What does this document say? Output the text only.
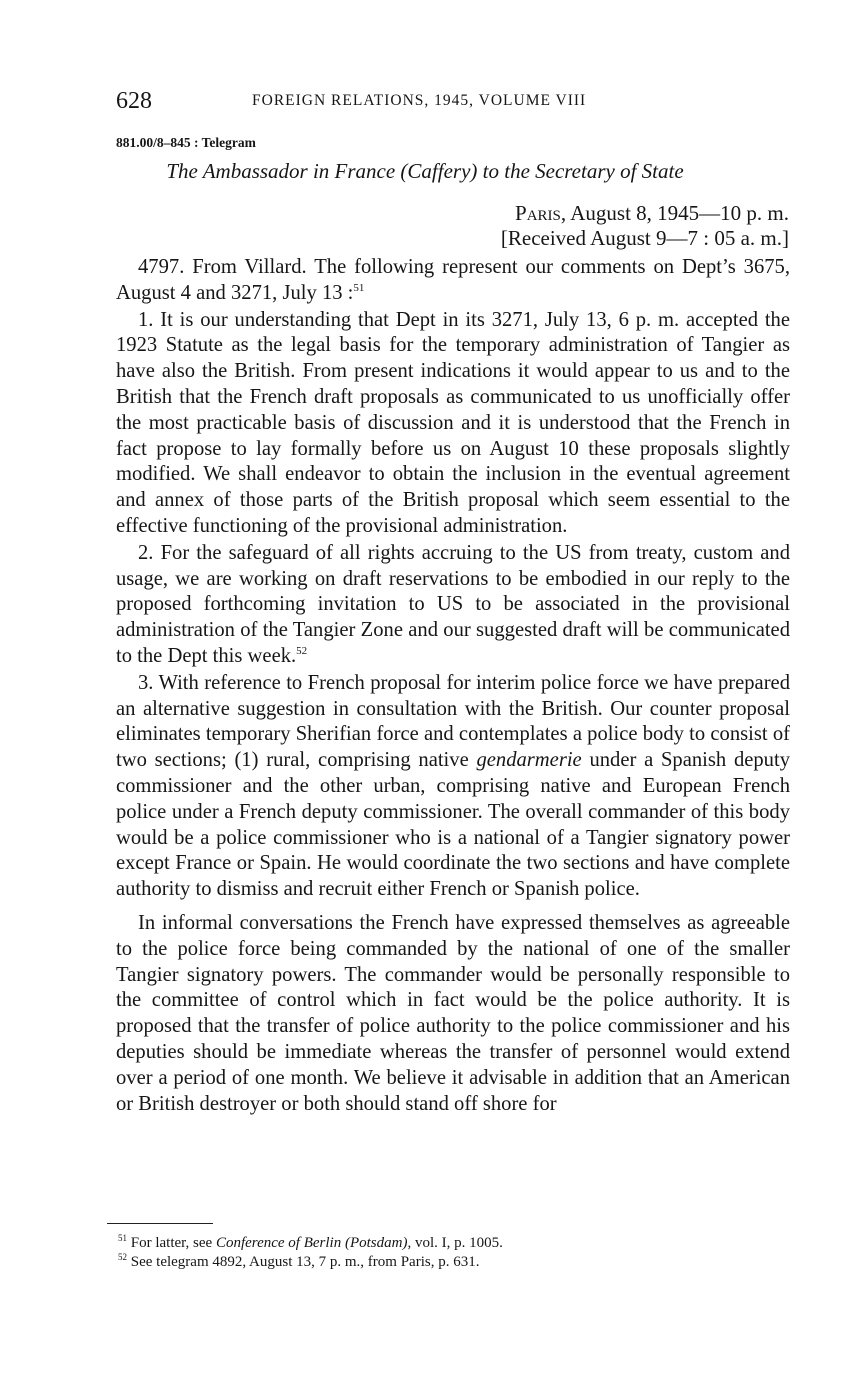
628	FOREIGN RELATIONS, 1945, VOLUME VIII
881.00/8–845 : Telegram
The Ambassador in France (Caffery) to the Secretary of State
Paris, August 8, 1945—10 p. m.
[Received August 9—7 : 05 a. m.]

4797. From Villard. The following represent our comments on Dept’s 3675, August 4 and 3271, July 13 :$^{51}$

1. It is our understanding that Dept in its 3271, July 13, 6 p. m. accepted the 1923 Statute as the legal basis for the temporary administration of Tangier as have also the British. From present indications it would appear to us and to the British that the French draft proposals as communicated to us unofficially offer the most practicable basis of discussion and it is understood that the French in fact propose to lay formally before us on August 10 these proposals slightly modified. We shall endeavor to obtain the inclusion in the eventual agreement and annex of those parts of the British proposal which seem essential to the effective functioning of the provisional administration.

2. For the safeguard of all rights accruing to the US from treaty, custom and usage, we are working on draft reservations to be embodied in our reply to the proposed forthcoming invitation to US to be associated in the provisional administration of the Tangier Zone and our suggested draft will be communicated to the Dept this week.$^{52}$

3. With reference to French proposal for interim police force we have prepared an alternative suggestion in consultation with the British. Our counter proposal eliminates temporary Sherifian force and contemplates a police body to consist of two sections; (1) rural, comprising native gendarmerie under a Spanish deputy commissioner and the other urban, comprising native and European French police under a French deputy commissioner. The overall commander of this body would be a police commissioner who is a national of a Tangier signatory power except France or Spain. He would coordinate the two sections and have complete authority to dismiss and recruit either French or Spanish police.

In informal conversations the French have expressed themselves as agreeable to the police force being commanded by the national of one of the smaller Tangier signatory powers. The commander would be personally responsible to the committee of control which in fact would be the police authority. It is proposed that the transfer of police authority to the police commissioner and his deputies should be immediate whereas the transfer of personnel would extend over a period of one month. We believe it advisable in addition that an American or British destroyer or both should stand off shore for

$^{51}$ For latter, see Conference of Berlin (Potsdam), vol. I, p. 1005.
$^{52}$ See telegram 4892, August 13, 7 p. m., from Paris, p. 631.
